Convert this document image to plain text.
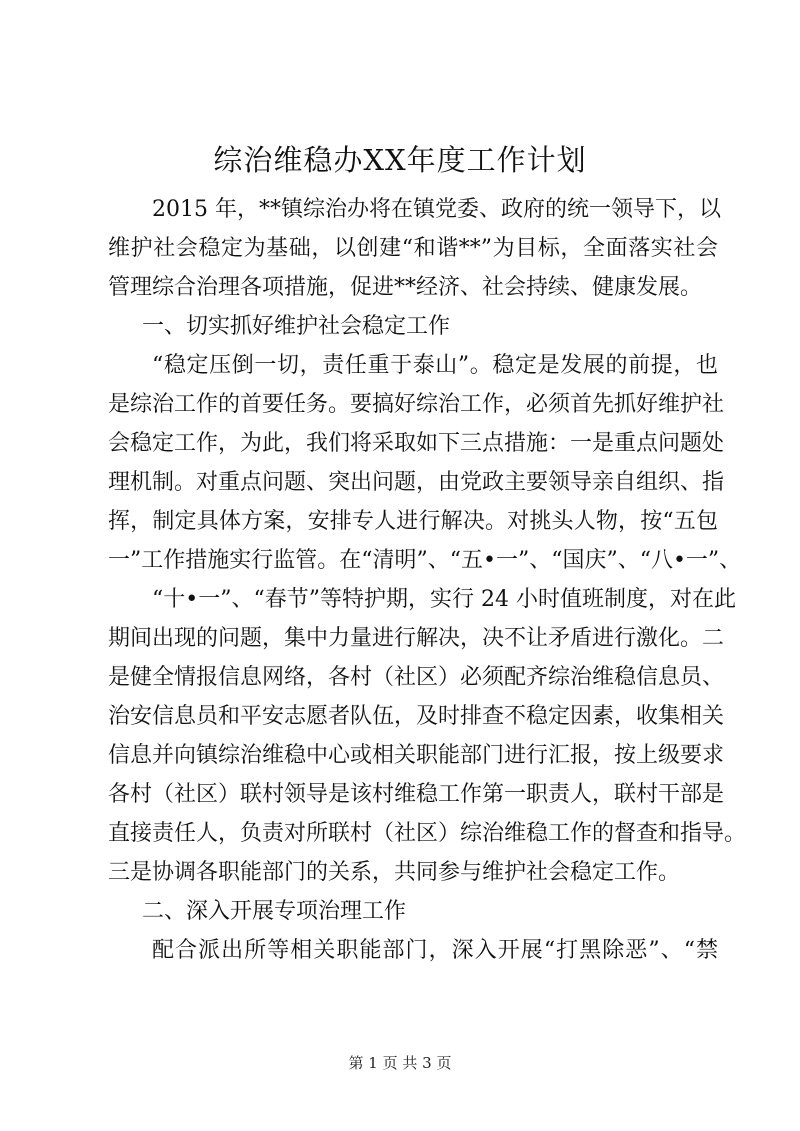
综治维稳办XX年度工作计划
2015 年，**镇综治办将在镇党委、政府的统一领导下，以
维护社会稳定为基础，以创建“和谐**”为目标，全面落实社会
管理综合治理各项措施，促进**经济、社会持续、健康发展。
一、切实抓好维护社会稳定工作
“稳定压倒一切，责任重于泰山”。稳定是发展的前提，也
是综治工作的首要任务。要搞好综治工作，必须首先抓好维护社
会稳定工作，为此，我们将采取如下三点措施：一是重点问题处
理机制。对重点问题、突出问题，由党政主要领导亲自组织、指
挥，制定具体方案，安排专人进行解决。对挑头人物，按“五包
一”工作措施实行监管。在“清明”、“五•一”、“国庆”、“八•一”、
“十•一”、“春节”等特护期，实行 24 小时值班制度，对在此
期间出现的问题，集中力量进行解决，决不让矛盾进行激化。二
是健全情报信息网络，各村（社区）必须配齐综治维稳信息员、
治安信息员和平安志愿者队伍，及时排查不稳定因素，收集相关
信息并向镇综治维稳中心或相关职能部门进行汇报，按上级要求
各村（社区）联村领导是该村维稳工作第一职责人，联村干部是
直接责任人，负责对所联村（社区）综治维稳工作的督查和指导。
三是协调各职能部门的关系，共同参与维护社会稳定工作。
二、深入开展专项治理工作
配合派出所等相关职能部门，深入开展“打黑除恶”、“禁
第 1 页 共 3 页
